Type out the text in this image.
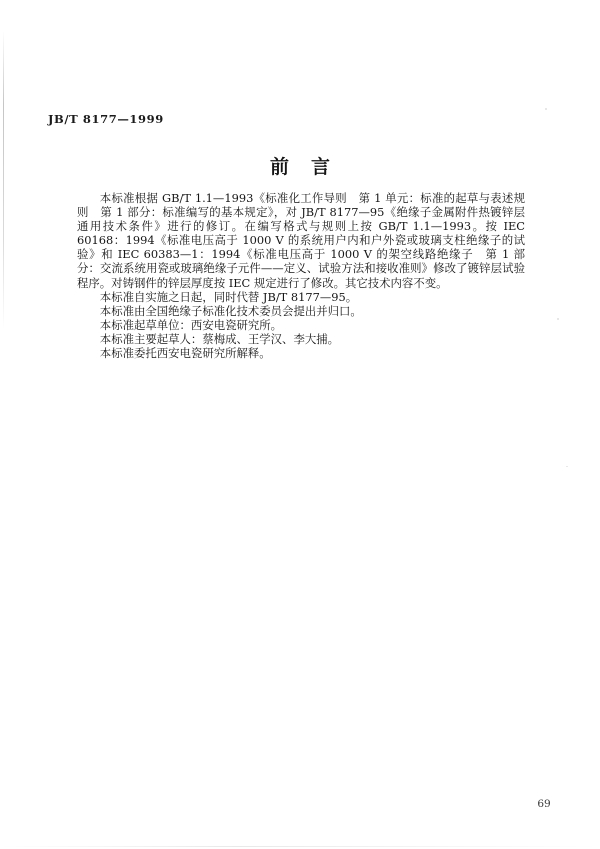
JB/T 8177—1999
前言

本标准根据 GB/T 1.1—1993《标准化工作导则　第 1 单元：标准的起草与表述规则　第 1 部分：标准编写的基本规定》，对 JB/T 8177—95《绝缘子金属附件热镀锌层　通用技术条件》进行的修订。在编写格式与规则上按 GB/T 1.1—1993。按 IEC 60168：1994《标准电压高于 1000 V 的系统用户内和户外瓷或玻璃支柱绝缘子的试验》和 IEC 60383—1：1994《标准电压高于 1000 V 的架空线路绝缘子　第 1 部分：交流系统用瓷或玻璃绝缘子元件——定义、试验方法和接收准则》修改了镀锌层试验程序。对铸钢件的锌层厚度按 IEC 规定进行了修改。其它技术内容不变。

本标准自实施之日起，同时代替 JB/T 8177—95。

本标准由全国绝缘子标准化技术委员会提出并归口。

本标准起草单位：西安电瓷研究所。

本标准主要起草人：蔡梅成、王学汉、李大捕。

本标准委托西安电瓷研究所解释。

69
